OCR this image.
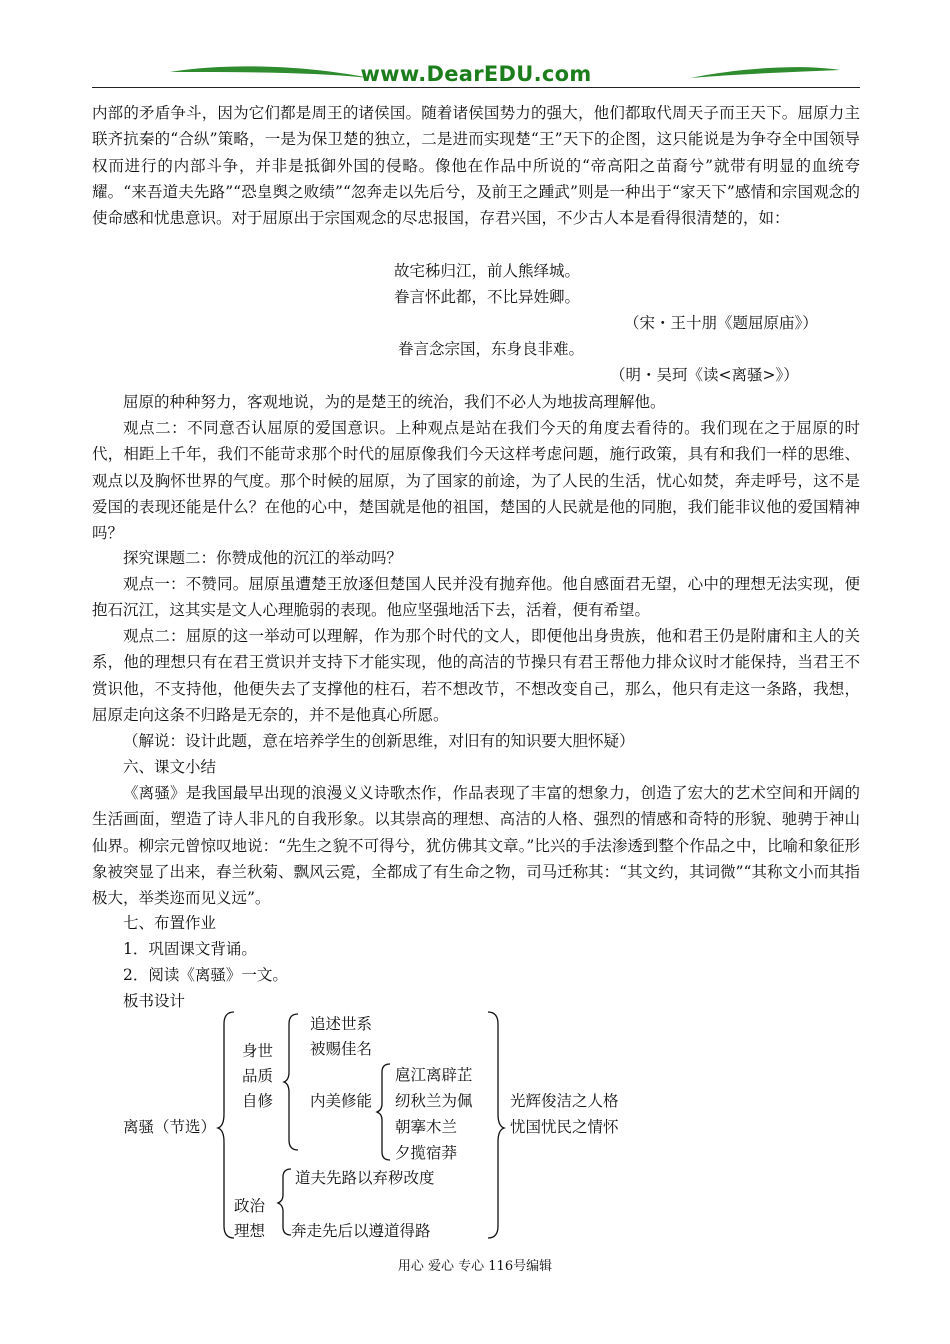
www.DearEDU.com

内部的矛盾争斗，因为它们都是周王的诸侯国。随着诸侯国势力的强大，他们都取代周天子而王天下。屈原力主联齐抗秦的“合纵”策略，一是为保卫楚的独立，二是进而实现楚“王”天下的企图，这只能说是为争夺全中国领导权而进行的内部斗争，并非是抵御外国的侵略。像他在作品中所说的“帝高阳之苗裔兮”就带有明显的血统夸耀。“来吾道夫先路”“恐皇舆之败绩”“忽奔走以先后兮，及前王之踵武”则是一种出于“家天下”感情和宗国观念的使命感和忧患意识。对于屈原出于宗国观念的尽忠报国，存君兴国，不少古人本是看得很清楚的，如：

故宅秭归江，前人熊绎城。
眷言怀此都，不比异姓卿。
（宋・王十朋《题屈原庙》）
眷言念宗国，东身良非难。
（明・吴珂《读<离骚>》）

屈原的种种努力，客观地说，为的是楚王的统治，我们不必人为地拔高理解他。

观点二：不同意否认屈原的爱国意识。上种观点是站在我们今天的角度去看待的。我们现在之于屈原的时代，相距上千年，我们不能苛求那个时代的屈原像我们今天这样考虑问题，施行政策，具有和我们一样的思维、观点以及胸怀世界的气度。那个时候的屈原，为了国家的前途，为了人民的生活，忧心如焚，奔走呼号，这不是爱国的表现还能是什么？在他的心中，楚国就是他的祖国，楚国的人民就是他的同胞，我们能非议他的爱国精神吗？

探究课题二：你赞成他的沉江的举动吗？

观点一：不赞同。屈原虽遭楚王放逐但楚国人民并没有抛弃他。他自感面君无望，心中的理想无法实现，便抱石沉江，这其实是文人心理脆弱的表现。他应坚强地活下去，活着，便有希望。

观点二：屈原的这一举动可以理解，作为那个时代的文人，即便他出身贵族，他和君王仍是附庸和主人的关系，他的理想只有在君王赏识并支持下才能实现，他的高洁的节操只有君王帮他力排众议时才能保持，当君王不赏识他，不支持他，他便失去了支撑他的柱石，若不想改节，不想改变自己，那么，他只有走这一条路，我想，屈原走向这条不归路是无奈的，并不是他真心所愿。

（解说：设计此题，意在培养学生的创新思维，对旧有的知识要大胆怀疑）

六、课文小结

《离骚》是我国最早出现的浪漫义义诗歌杰作，作品表现了丰富的想象力，创造了宏大的艺术空间和开阔的生活画面，塑造了诗人非凡的自我形象。以其崇高的理想、高洁的人格、强烈的情感和奇特的形貌、驰骋于神山仙界。柳宗元曾惊叹地说：“先生之貌不可得兮，犹仿佛其文章。”比兴的手法渗透到整个作品之中，比喻和象征形象被突显了出来，春兰秋菊、飘风云霓，全都成了有生命之物，司马迁称其：“其文约，其词微”“其称文小而其指极大，举类迩而见义远”。

七、布置作业

1．巩固课文背诵。

2．阅读《离骚》一文。

板书设计

离骚（节选）
身世
品质
自修
追述世系
被赐佳名
内美修能
扈江离辟芷
纫秋兰为佩
朝搴木兰
夕揽宿莽
光辉俊洁之人格
忧国忧民之情怀
政治
理想
道夫先路以弃秽改度
奔走先后以遵道得路
用心 爱心 专心 116号编辑
